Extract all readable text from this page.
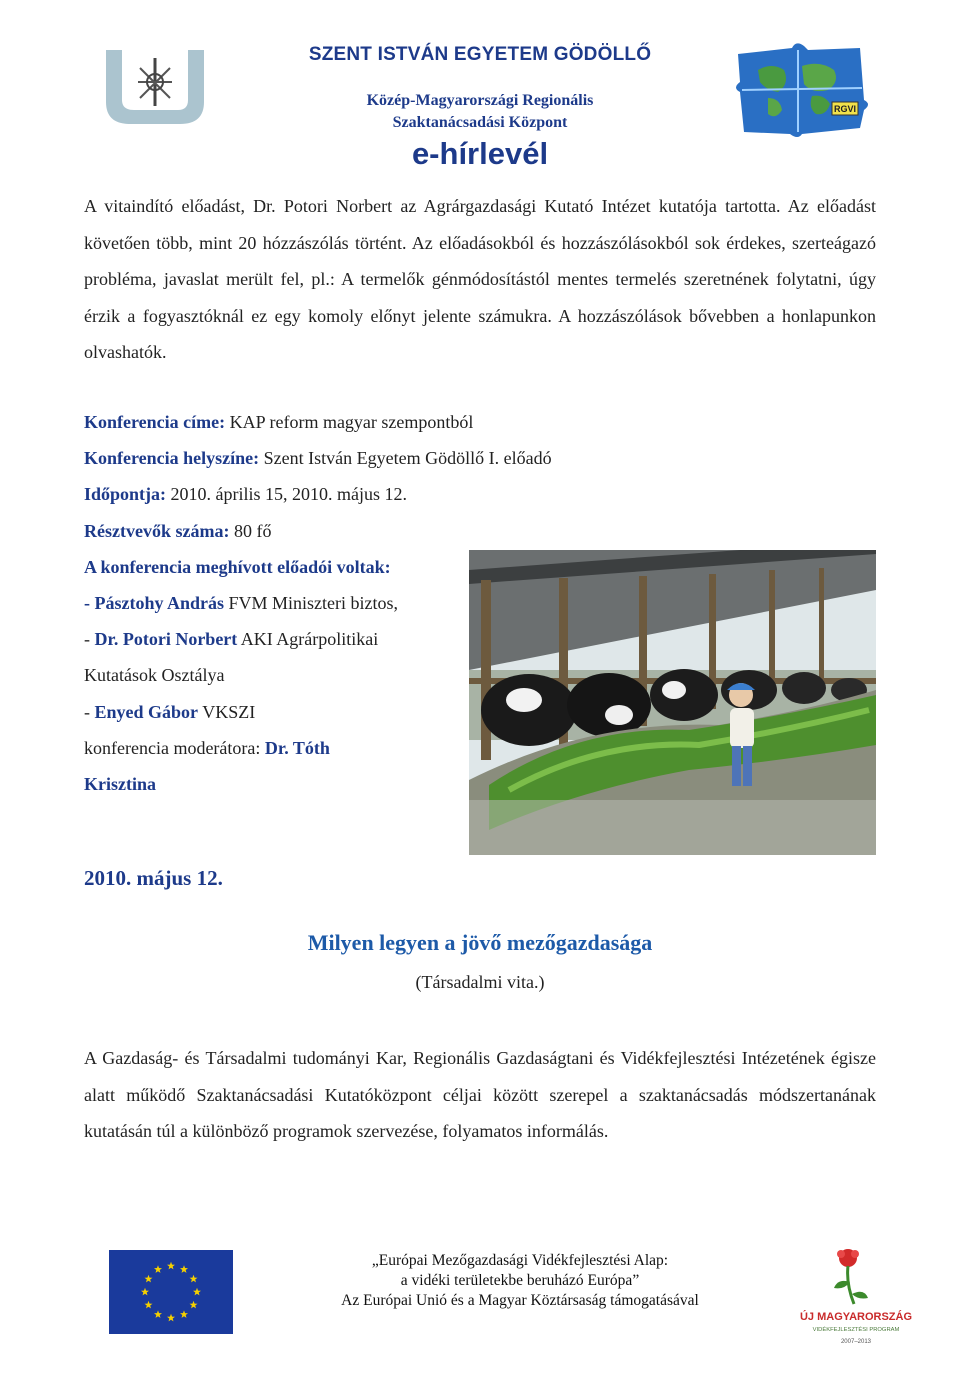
SZENT ISTVÁN EGYETEM GÖDÖLLŐ
Közép-Magyarországi Regionális
Szaktanácsadási Központ
e-hírlevél
RGVI

A vitaindító előadást, Dr. Potori Norbert az Agrárgazdasági Kutató Intézet kutatója tartotta. Az előadást követően több, mint 20 hózzászólás történt. Az előadásokból és hozzászólásokból sok érdekes, szerteágazó probléma, javaslat merült fel, pl.: A termelők génmódosítástól mentes termelés szeretnének folytatni, úgy érzik a fogyasztóknál ez egy komoly előnyt jelente számukra. A hozzászólások bővebben a honlapunkon olvashatók.

Konferencia címe: KAP reform magyar szempontból
Konferencia helyszíne: Szent István Egyetem Gödöllő I. előadó
Időpontja: 2010. április 15, 2010. május 12.
Résztvevők száma: 80 fő
A konferencia meghívott előadói voltak:
- Pásztohy András FVM Miniszteri biztos,
- Dr. Potori Norbert AKI Agrárpolitikai
Kutatások Osztálya
- Enyed Gábor VKSZI
konferencia moderátora: Dr. Tóth
Krisztina
2010. május 12.
Milyen legyen a jövő mezőgazdasága
(Társadalmi vita.)
A Gazdaság- és Társadalmi tudományi Kar, Regionális Gazdaságtani és Vidékfejlesztési Intézetének égisze alatt működő Szaktanácsadási Kutatóközpont céljai között szerepel a szaktanácsadás módszertanának kutatásán túl a különböző programok szervezése, folyamatos informálás.
„Európai Mezőgazdasági Vidékfejlesztési Alap:
a vidéki területekbe beruházó Európa”
Az Európai Unió és a Magyar Köztársaság támogatásával
ÚJ MAGYARORSZÁG
VIDÉKFEJLESZTÉSI PROGRAM
2007–2013
